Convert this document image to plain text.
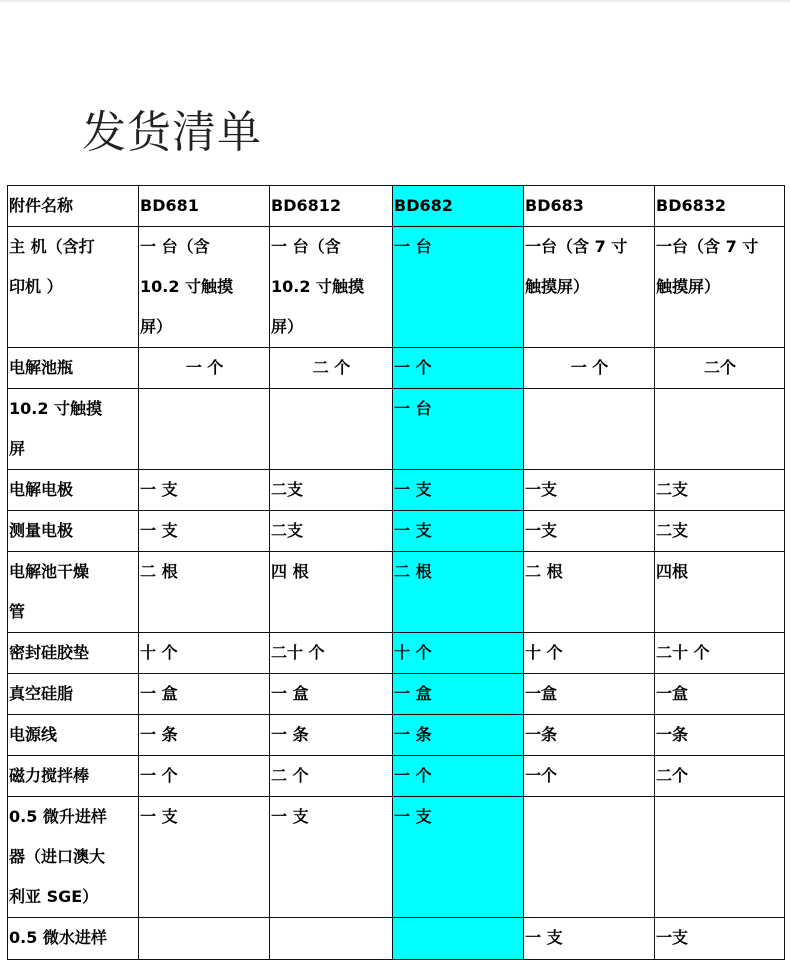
发货清单
附件名称	BD681	BD6812	BD682	BD683	BD6832

主 机（含打
印机 ）	一 台（含
10.2 寸触摸
屏）	一 台（含
10.2 寸触摸
屏）	一 台	一台（含 7 寸
触摸屏）	一台（含 7 寸
触摸屏）

电解池瓶	一 个	二 个	一 个	一 个	二个

10.2 寸触摸
屏			一 台		

电解电极	一 支	二支	一 支	一支	二支

测量电极	一 支	二支	一 支	一支	二支

电解池干燥
管	二 根	四 根	二 根	二 根	四根

密封硅胶垫	十 个	二十 个	十 个	十 个	二十 个

真空硅脂	一 盒	一 盒	一 盒	一盒	一盒

电源线	一 条	一 条	一 条	一条	一条

磁力搅拌棒	一 个	二 个	一 个	一个	二个

0.5 微升进样
器（进口澳大
利亚 SGE）	一 支	一 支	一 支		

0.5 微水进样				一 支	一支
